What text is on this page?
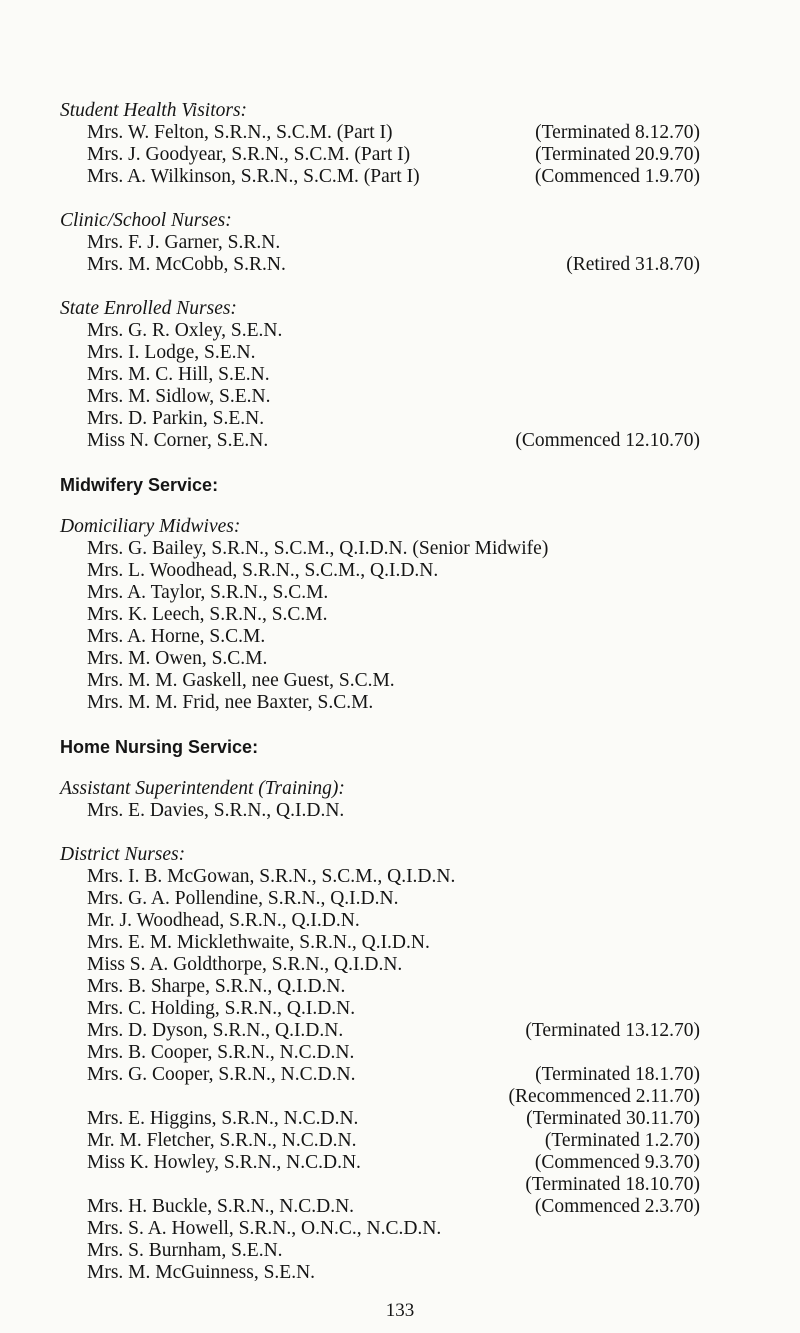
Student Health Visitors:

Mrs. W. Felton, S.R.N., S.C.M. (Part I)	(Terminated 8.12.70)
Mrs. J. Goodyear, S.R.N., S.C.M. (Part I)	(Terminated 20.9.70)
Mrs. A. Wilkinson, S.R.N., S.C.M. (Part I)	(Commenced 1.9.70)

Clinic/School Nurses:

Mrs. F. J. Garner, S.R.N.
Mrs. M. McCobb, S.R.N.	(Retired 31.8.70)

State Enrolled Nurses:

Mrs. G. R. Oxley, S.E.N.
Mrs. I. Lodge, S.E.N.
Mrs. M. C. Hill, S.E.N.
Mrs. M. Sidlow, S.E.N.
Mrs. D. Parkin, S.E.N.
Miss N. Corner, S.E.N.	(Commenced 12.10.70)

Midwifery Service:

Domiciliary Midwives:

Mrs. G. Bailey, S.R.N., S.C.M., Q.I.D.N. (Senior Midwife)
Mrs. L. Woodhead, S.R.N., S.C.M., Q.I.D.N.
Mrs. A. Taylor, S.R.N., S.C.M.
Mrs. K. Leech, S.R.N., S.C.M.
Mrs. A. Horne, S.C.M.
Mrs. M. Owen, S.C.M.
Mrs. M. M. Gaskell, nee Guest, S.C.M.
Mrs. M. M. Frid, nee Baxter, S.C.M.

Home Nursing Service:

Assistant Superintendent (Training):

Mrs. E. Davies, S.R.N., Q.I.D.N.

District Nurses:

Mrs. I. B. McGowan, S.R.N., S.C.M., Q.I.D.N.
Mrs. G. A. Pollendine, S.R.N., Q.I.D.N.
Mr. J. Woodhead, S.R.N., Q.I.D.N.
Mrs. E. M. Micklethwaite, S.R.N., Q.I.D.N.
Miss S. A. Goldthorpe, S.R.N., Q.I.D.N.
Mrs. B. Sharpe, S.R.N., Q.I.D.N.
Mrs. C. Holding, S.R.N., Q.I.D.N.
Mrs. D. Dyson, S.R.N., Q.I.D.N.	(Terminated 13.12.70)
Mrs. B. Cooper, S.R.N., N.C.D.N.
Mrs. G. Cooper, S.R.N., N.C.D.N.	(Terminated 18.1.70)
(Recommenced 2.11.70)
Mrs. E. Higgins, S.R.N., N.C.D.N.	(Terminated 30.11.70)
Mr. M. Fletcher, S.R.N., N.C.D.N.	(Terminated 1.2.70)
Miss K. Howley, S.R.N., N.C.D.N.	(Commenced 9.3.70)
(Terminated 18.10.70)
Mrs. H. Buckle, S.R.N., N.C.D.N.	(Commenced 2.3.70)
Mrs. S. A. Howell, S.R.N., O.N.C., N.C.D.N.
Mrs. S. Burnham, S.E.N.
Mrs. M. McGuinness, S.E.N.
133
